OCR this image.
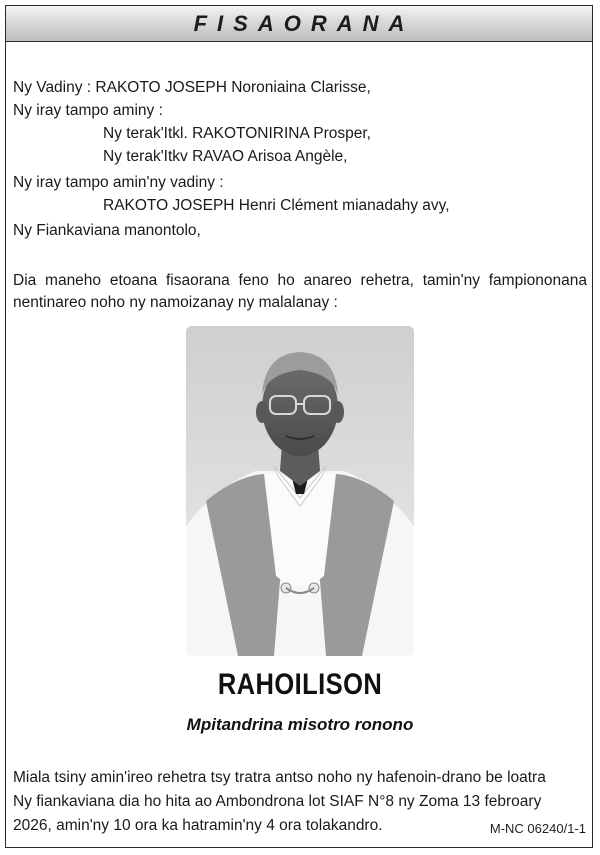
FISAORANA
Ny Vadiny : RAKOTO JOSEPH Noroniaina Clarisse,
Ny iray tampo aminy :
Ny terak'Itkl. RAKOTONIRINA Prosper,
Ny terak'Itkv RAVAO Arisoa Angèle,
Ny iray tampo amin'ny vadiny :
RAKOTO JOSEPH Henri Clément mianadahy avy,
Ny Fiankaviana manontolo,
Dia maneho etoana fisaorana feno ho anareo rehetra, tamin'ny fampiononana nentinareo noho ny namoizanay ny malalanay :
RAHOILISON
Mpitandrina misotro ronono
Miala tsiny amin'ireo rehetra tsy tratra antso noho ny hafenoin-drano be loatra
Ny fiankaviana dia ho hita ao Ambondrona lot SIAF N°8 ny Zoma 13 febroary
2026, amin'ny 10 ora ka hatramin'ny 4 ora tolakandro.	M-NC 06240/1-1
